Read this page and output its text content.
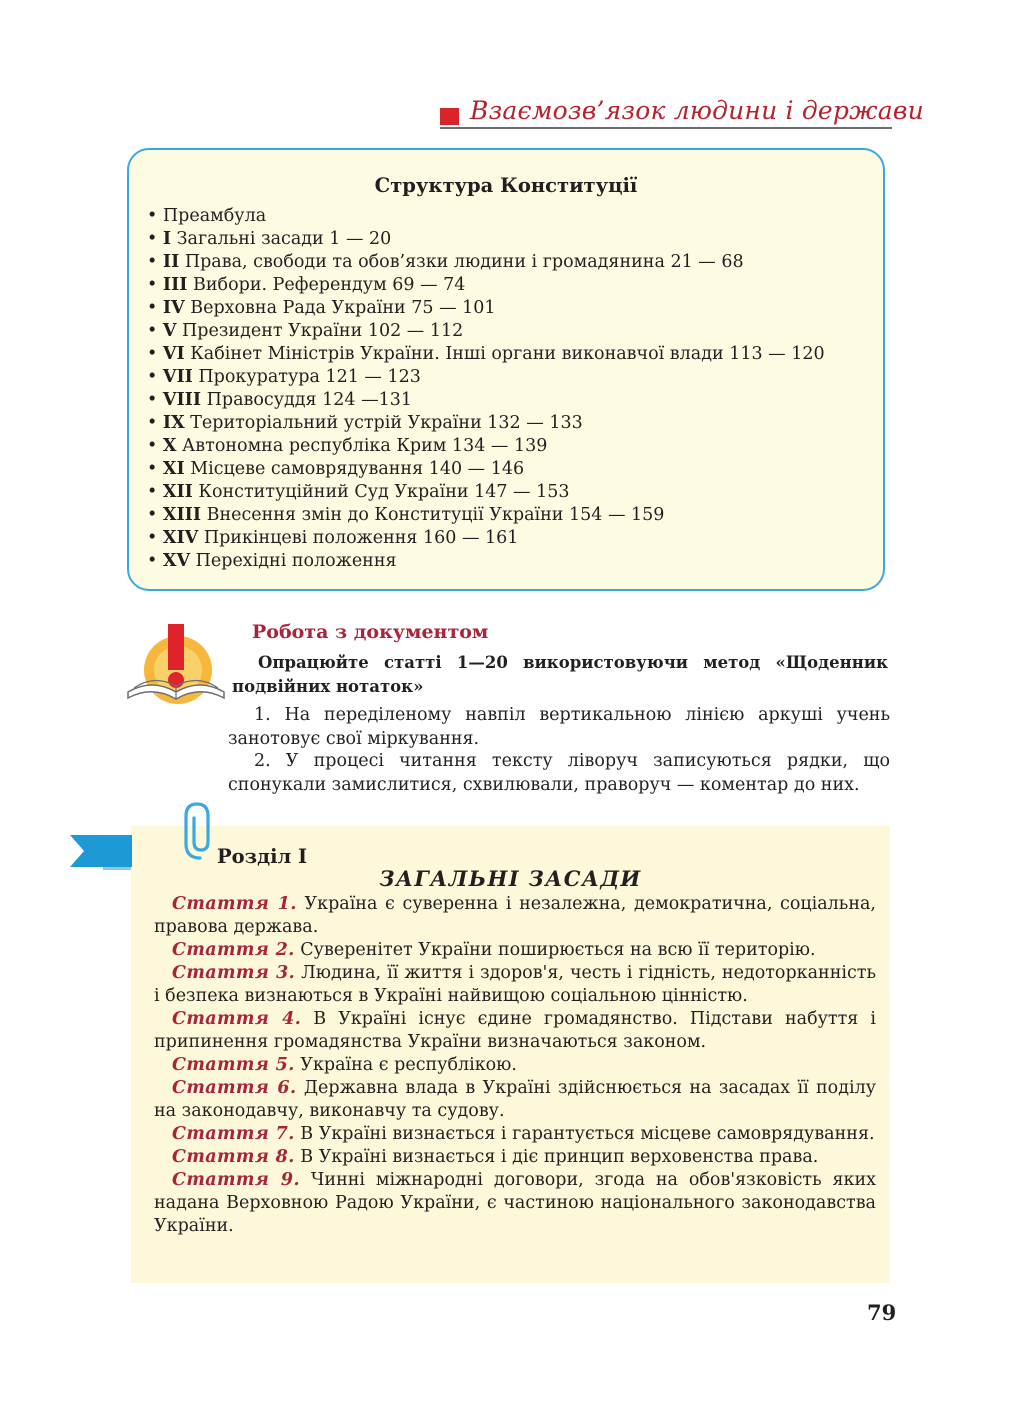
Взаємозв’язок людини і держави
Структура Конституції
• Преамбула
• I Загальні засади 1 — 20
• II Права, свободи та обов’язки людини і громадянина 21 — 68
• III Вибори. Референдум 69 — 74
• IV Верховна Рада України 75 — 101
• V Президент України 102 — 112
• VI Кабінет Міністрів України. Інші органи виконавчої влади 113 — 120
• VII Прокуратура 121 — 123
• VIII Правосуддя 124 —131
• IX Територіальний устрій України 132 — 133
• X Автономна республіка Крим 134 — 139
• XI Місцеве самоврядування 140 — 146
• XII Конституційний Суд України 147 — 153
• XIII Внесення змін до Конституції України 154 — 159
• XIV Прикінцеві положення 160 — 161
• XV Перехідні положення
Робота з документом
Опрацюйте статті 1—20 використовуючи метод «Щоденник подвійних нотаток»
1. На переділеному навпіл вертикальною лінією аркуші учень занотовує свої міркування.
2. У процесі читання тексту ліворуч записуються рядки, що спонукали замислитися, схвилювали, праворуч — коментар до них.
Розділ І
ЗАГАЛЬНІ ЗАСАДИ

Стаття 1. Україна є суверенна і незалежна, демократична, соціальна, правова держава.

Стаття 2. Суверенітет України поширюється на всю її територію.

Стаття 3. Людина, її життя і здоров'я, честь і гідність, недоторканність і безпека визнаються в Україні найвищою соціальною цінністю.

Стаття 4. В Україні існує єдине громадянство. Підстави набуття і припинення громадянства України визначаються законом.

Стаття 5. Україна є республікою.

Стаття 6. Державна влада в Україні здійснюється на засадах її поділу на законодавчу, виконавчу та судову.

Стаття 7. В Україні визнається і гарантується місцеве самоврядування.

Стаття 8. В Україні визнається і діє принцип верховенства права.

Стаття 9. Чинні міжнародні договори, згода на обов'язковість яких надана Верховною Радою України, є частиною національного законодавства України.

79
